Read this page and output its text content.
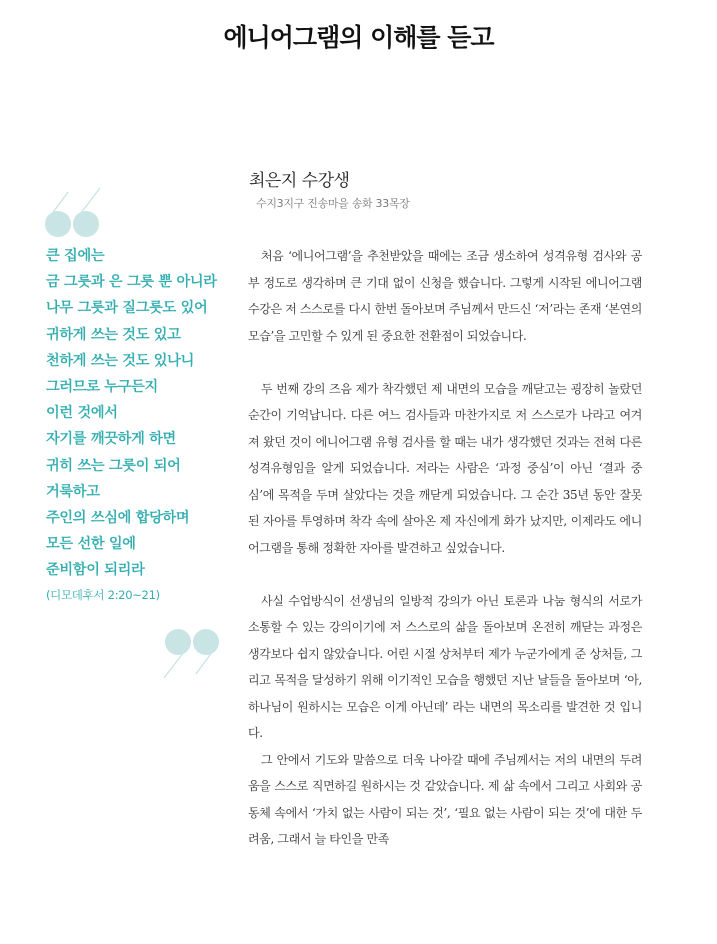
에니어그램의 이해를 듣고
큰 집에는
금 그릇과 은 그릇 뿐 아니라
나무 그릇과 질그릇도 있어
귀하게 쓰는 것도 있고
천하게 쓰는 것도 있나니
그러므로 누구든지
이런 것에서
자기를 깨끗하게 하면
귀히 쓰는 그릇이 되어
거룩하고
주인의 쓰심에 합당하며
모든 선한 일에
준비함이 되리라
(디모데후서 2:20~21)
최은지 수강생
수지3지구 진송마을 송화 33목장

처음 ‘에니어그램’을 추천받았을 때에는 조금 생소하여 성격유형 검사와 공부 정도로 생각하며 큰 기대 없이 신청을 했습니다. 그렇게 시작된 에니어그램 수강은 저 스스로를 다시 한번 돌아보며 주님께서 만드신 ‘저’라는 존재 ‘본연의 모습’을 고민할 수 있게 된 중요한 전환점이 되었습니다.

두 번째 강의 즈음 제가 착각했던 제 내면의 모습을 깨닫고는 굉장히 놀랐던 순간이 기억납니다. 다른 여느 검사들과 마찬가지로 저 스스로가 나라고 여겨져 왔던 것이 에니어그램 유형 검사를 할 때는 내가 생각했던 것과는 전혀 다른 성격유형임을 알게 되었습니다. 저라는 사람은 ‘과정 중심’이 아닌 ‘결과 중심’에 목적을 두며 살았다는 것을 깨닫게 되었습니다. 그 순간 35년 동안 잘못된 자아를 투영하며 착각 속에 살아온 제 자신에게 화가 났지만, 이제라도 에니어그램을 통해 정확한 자아를 발견하고 싶었습니다.

사실 수업방식이 선생님의 일방적 강의가 아닌 토론과 나눔 형식의 서로가 소통할 수 있는 강의이기에 저 스스로의 삶을 돌아보며 온전히 깨닫는 과정은 생각보다 쉽지 않았습니다. 어린 시절 상처부터 제가 누군가에게 준 상처들, 그리고 목적을 달성하기 위해 이기적인 모습을 행했던 지난 날들을 돌아보며 ‘아, 하나님이 원하시는 모습은 이게 아닌데’ 라는 내면의 목소리를 발견한 것 입니다.

그 안에서 기도와 말씀으로 더욱 나아갈 때에 주님께서는 저의 내면의 두려움을 스스로 직면하길 원하시는 것 같았습니다. 제 삶 속에서 그리고 사회와 공동체 속에서 ‘가치 없는 사람이 되는 것’, ‘필요 없는 사람이 되는 것’에 대한 두려움, 그래서 늘 타인을 만족
